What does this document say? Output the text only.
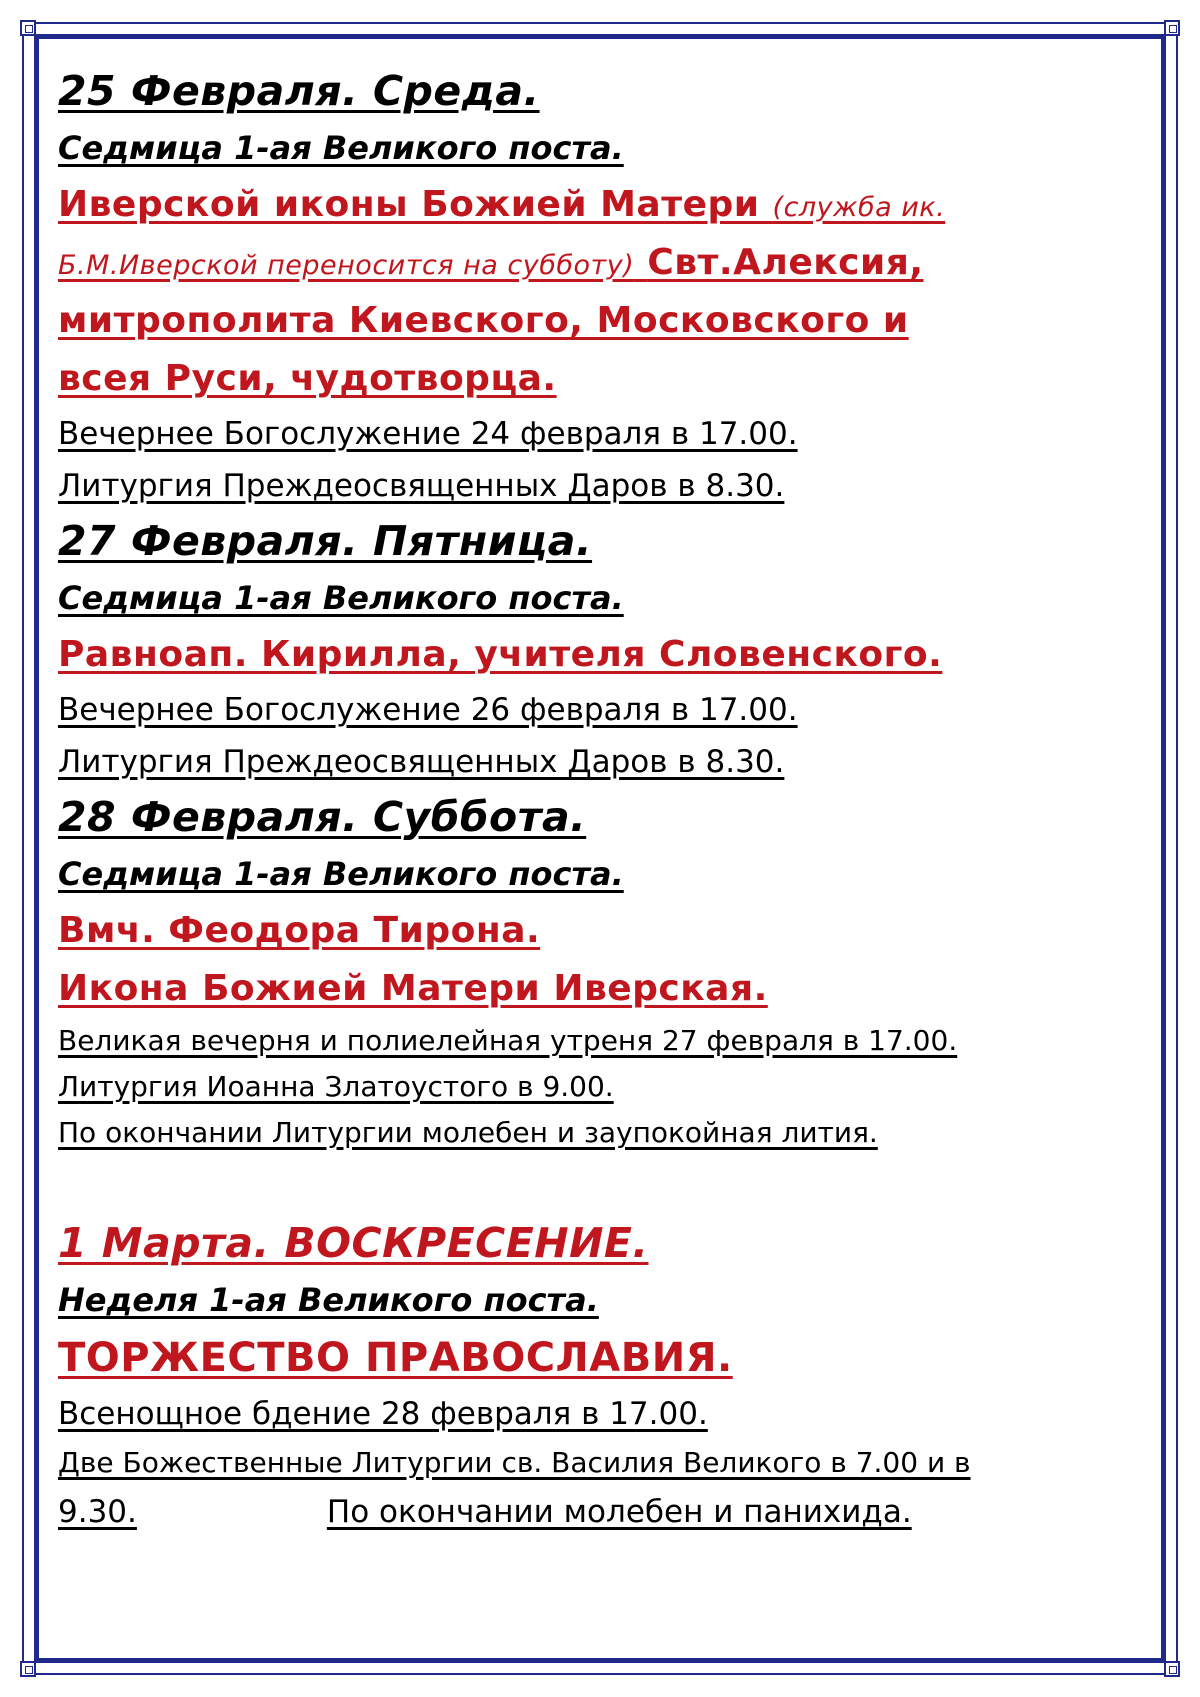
25 Февраля. Среда.
Седмица 1-ая Великого поста.
Иверской иконы Божией Матери (служба ик.
Б.М.Иверской переносится на субботу) Свт.Алексия,
митрополита Киевского, Московского и
всея Руси, чудотворца.
Вечернее Богослужение 24 февраля в 17.00.
Литургия Преждеосвященных Даров в 8.30.
27 Февраля. Пятница.
Седмица 1-ая Великого поста.
Равноап. Кирилла, учителя Словенского.
Вечернее Богослужение 26 февраля в 17.00.
Литургия Преждеосвященных Даров в 8.30.
28 Февраля. Суббота.
Седмица 1-ая Великого поста.
Вмч. Феодора Тирона.
Икона Божией Матери Иверская.
Великая вечерня и полиелейная утреня 27 февраля в 17.00.
Литургия Иоанна Златоустого в 9.00.
По окончании Литургии молебен и заупокойная лития.
1 Марта. ВОСКРЕСЕНИЕ.
Неделя 1-ая Великого поста.
ТОРЖЕСТВО ПРАВОСЛАВИЯ.
Всенощное бдение 28 февраля в 17.00.
Две Божественные Литургии св. Василия Великого в 7.00 и в
9.30.	По окончании молебен и панихида.
